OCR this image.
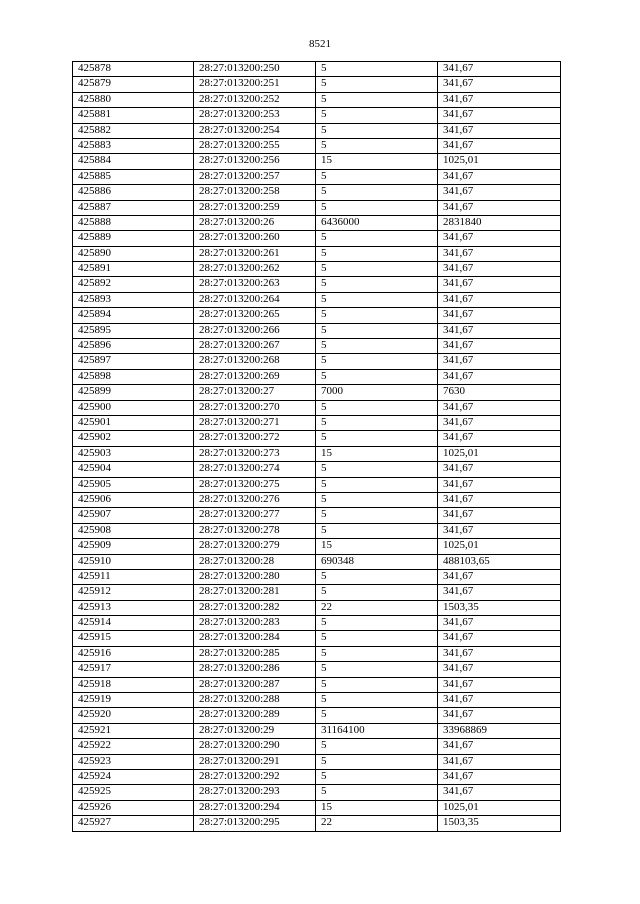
8521
425878	28:27:013200:250	5	341,67
425879	28:27:013200:251	5	341,67
425880	28:27:013200:252	5	341,67
425881	28:27:013200:253	5	341,67
425882	28:27:013200:254	5	341,67
425883	28:27:013200:255	5	341,67
425884	28:27:013200:256	15	1025,01
425885	28:27:013200:257	5	341,67
425886	28:27:013200:258	5	341,67
425887	28:27:013200:259	5	341,67
425888	28:27:013200:26	6436000	2831840
425889	28:27:013200:260	5	341,67
425890	28:27:013200:261	5	341,67
425891	28:27:013200:262	5	341,67
425892	28:27:013200:263	5	341,67
425893	28:27:013200:264	5	341,67
425894	28:27:013200:265	5	341,67
425895	28:27:013200:266	5	341,67
425896	28:27:013200:267	5	341,67
425897	28:27:013200:268	5	341,67
425898	28:27:013200:269	5	341,67
425899	28:27:013200:27	7000	7630
425900	28:27:013200:270	5	341,67
425901	28:27:013200:271	5	341,67
425902	28:27:013200:272	5	341,67
425903	28:27:013200:273	15	1025,01
425904	28:27:013200:274	5	341,67
425905	28:27:013200:275	5	341,67
425906	28:27:013200:276	5	341,67
425907	28:27:013200:277	5	341,67
425908	28:27:013200:278	5	341,67
425909	28:27:013200:279	15	1025,01
425910	28:27:013200:28	690348	488103,65
425911	28:27:013200:280	5	341,67
425912	28:27:013200:281	5	341,67
425913	28:27:013200:282	22	1503,35
425914	28:27:013200:283	5	341,67
425915	28:27:013200:284	5	341,67
425916	28:27:013200:285	5	341,67
425917	28:27:013200:286	5	341,67
425918	28:27:013200:287	5	341,67
425919	28:27:013200:288	5	341,67
425920	28:27:013200:289	5	341,67
425921	28:27:013200:29	31164100	33968869
425922	28:27:013200:290	5	341,67
425923	28:27:013200:291	5	341,67
425924	28:27:013200:292	5	341,67
425925	28:27:013200:293	5	341,67
425926	28:27:013200:294	15	1025,01
425927	28:27:013200:295	22	1503,35
